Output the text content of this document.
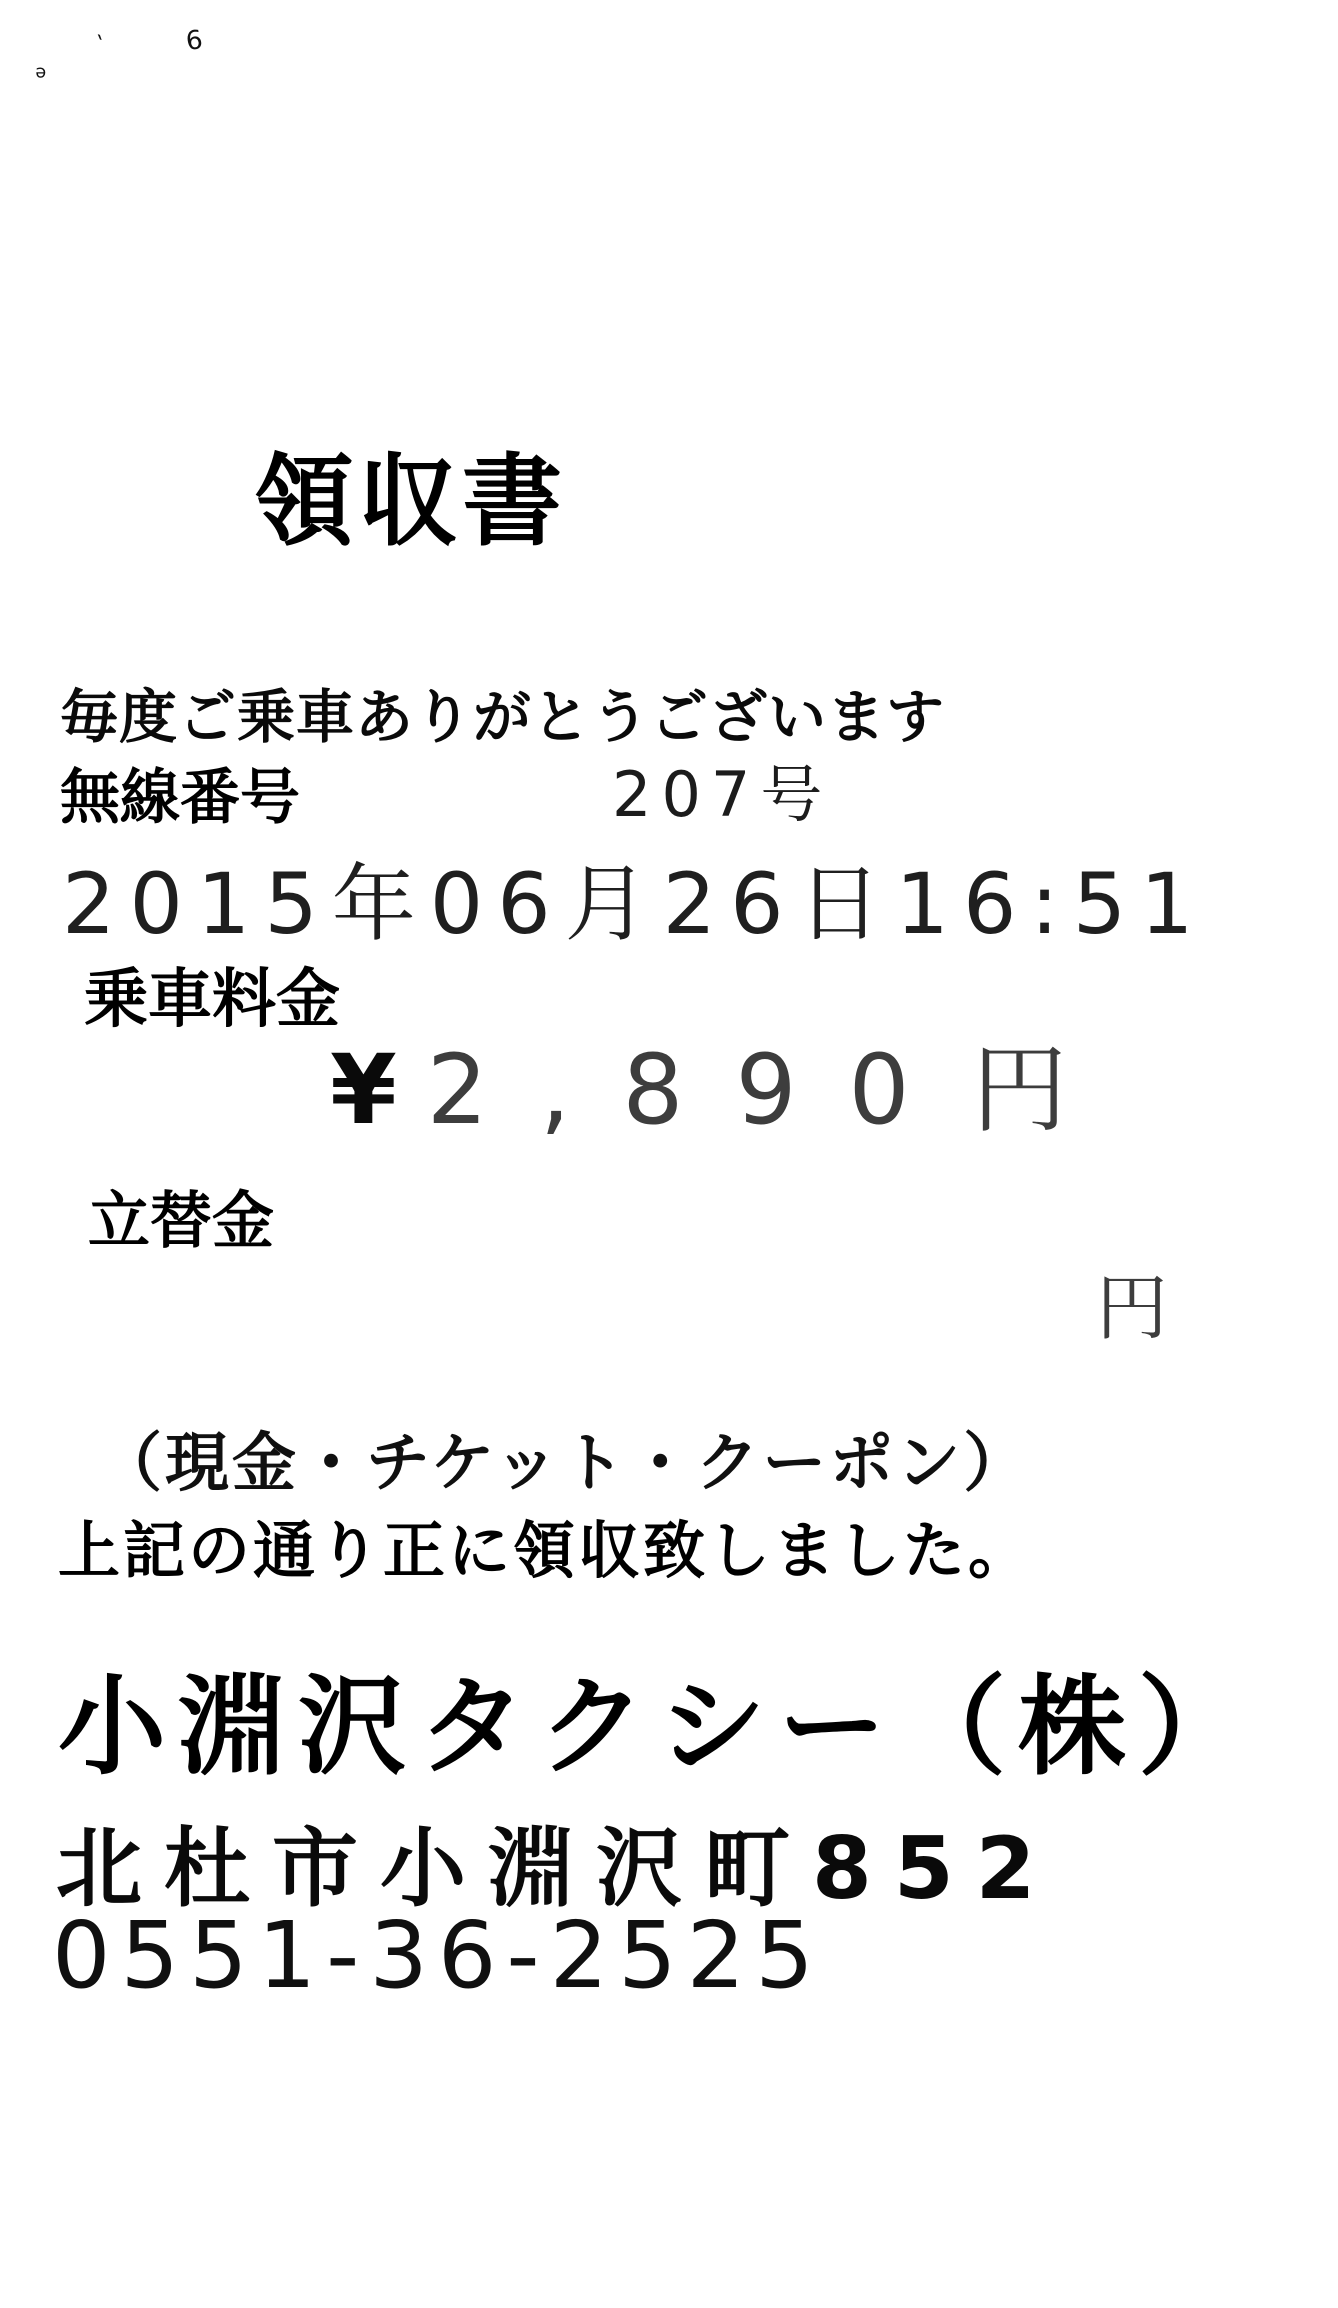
ə
ˋ	6
領収書
毎度ご乗車ありがとうございます
無線番号	207号
2015年06月26日16:51
乗車料金
¥ 2,890 円
立替金
円
（現金・チケット・クーポン）
上記の通り正に領収致しました。
小淵沢タクシー（株）
北杜市小淵沢町852
0551-36-2525
